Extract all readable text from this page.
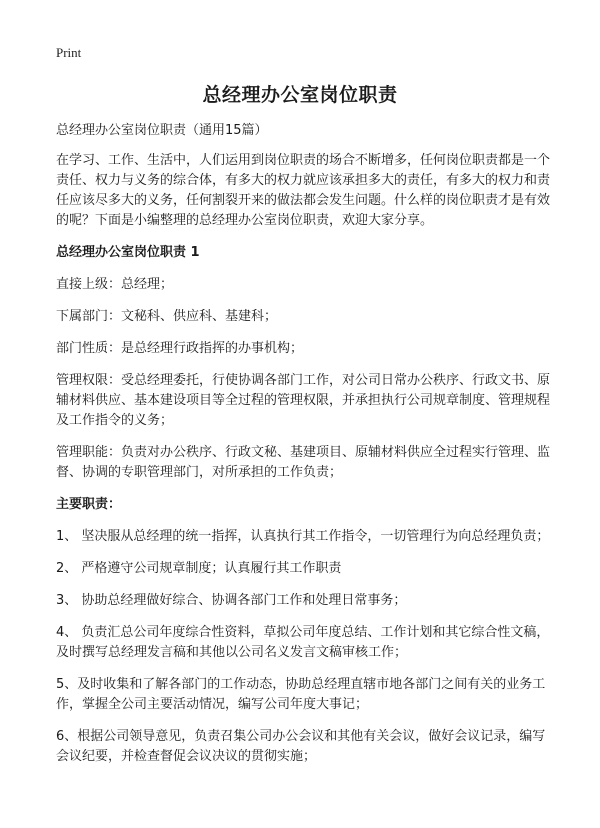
Print
总经理办公室岗位职责

总经理办公室岗位职责（通用15篇）

在学习、工作、生活中，人们运用到岗位职责的场合不断增多，任何岗位职责都是一个责任、权力与义务的综合体，有多大的权力就应该承担多大的责任，有多大的权力和责任应该尽多大的义务，任何割裂开来的做法都会发生问题。什么样的岗位职责才是有效的呢？下面是小编整理的总经理办公室岗位职责，欢迎大家分享。

总经理办公室岗位职责 1

直接上级：总经理；

下属部门：文秘科、供应科、基建科；

部门性质：是总经理行政指挥的办事机构；

管理权限：受总经理委托，行使协调各部门工作，对公司日常办公秩序、行政文书、原辅材料供应、基本建设项目等全过程的管理权限，并承担执行公司规章制度、管理规程及工作指令的义务；

管理职能：负责对办公秩序、行政文秘、基建项目、原辅材料供应全过程实行管理、监督、协调的专职管理部门，对所承担的工作负责；

主要职责：

1、 坚决服从总经理的统一指挥，认真执行其工作指令，一切管理行为向总经理负责；

2、 严格遵守公司规章制度；认真履行其工作职责

3、 协助总经理做好综合、协调各部门工作和处理日常事务；

4、 负责汇总公司年度综合性资料，草拟公司年度总结、工作计划和其它综合性文稿，及时撰写总经理发言稿和其他以公司名义发言文稿审核工作；

5、及时收集和了解各部门的工作动态，协助总经理直辖市地各部门之间有关的业务工作，掌握全公司主要活动情况，编写公司年度大事记；

6、根据公司领导意见，负责召集公司办公会议和其他有关会议，做好会议记录，编写会议纪要，并检查督促会议决议的贯彻实施；
